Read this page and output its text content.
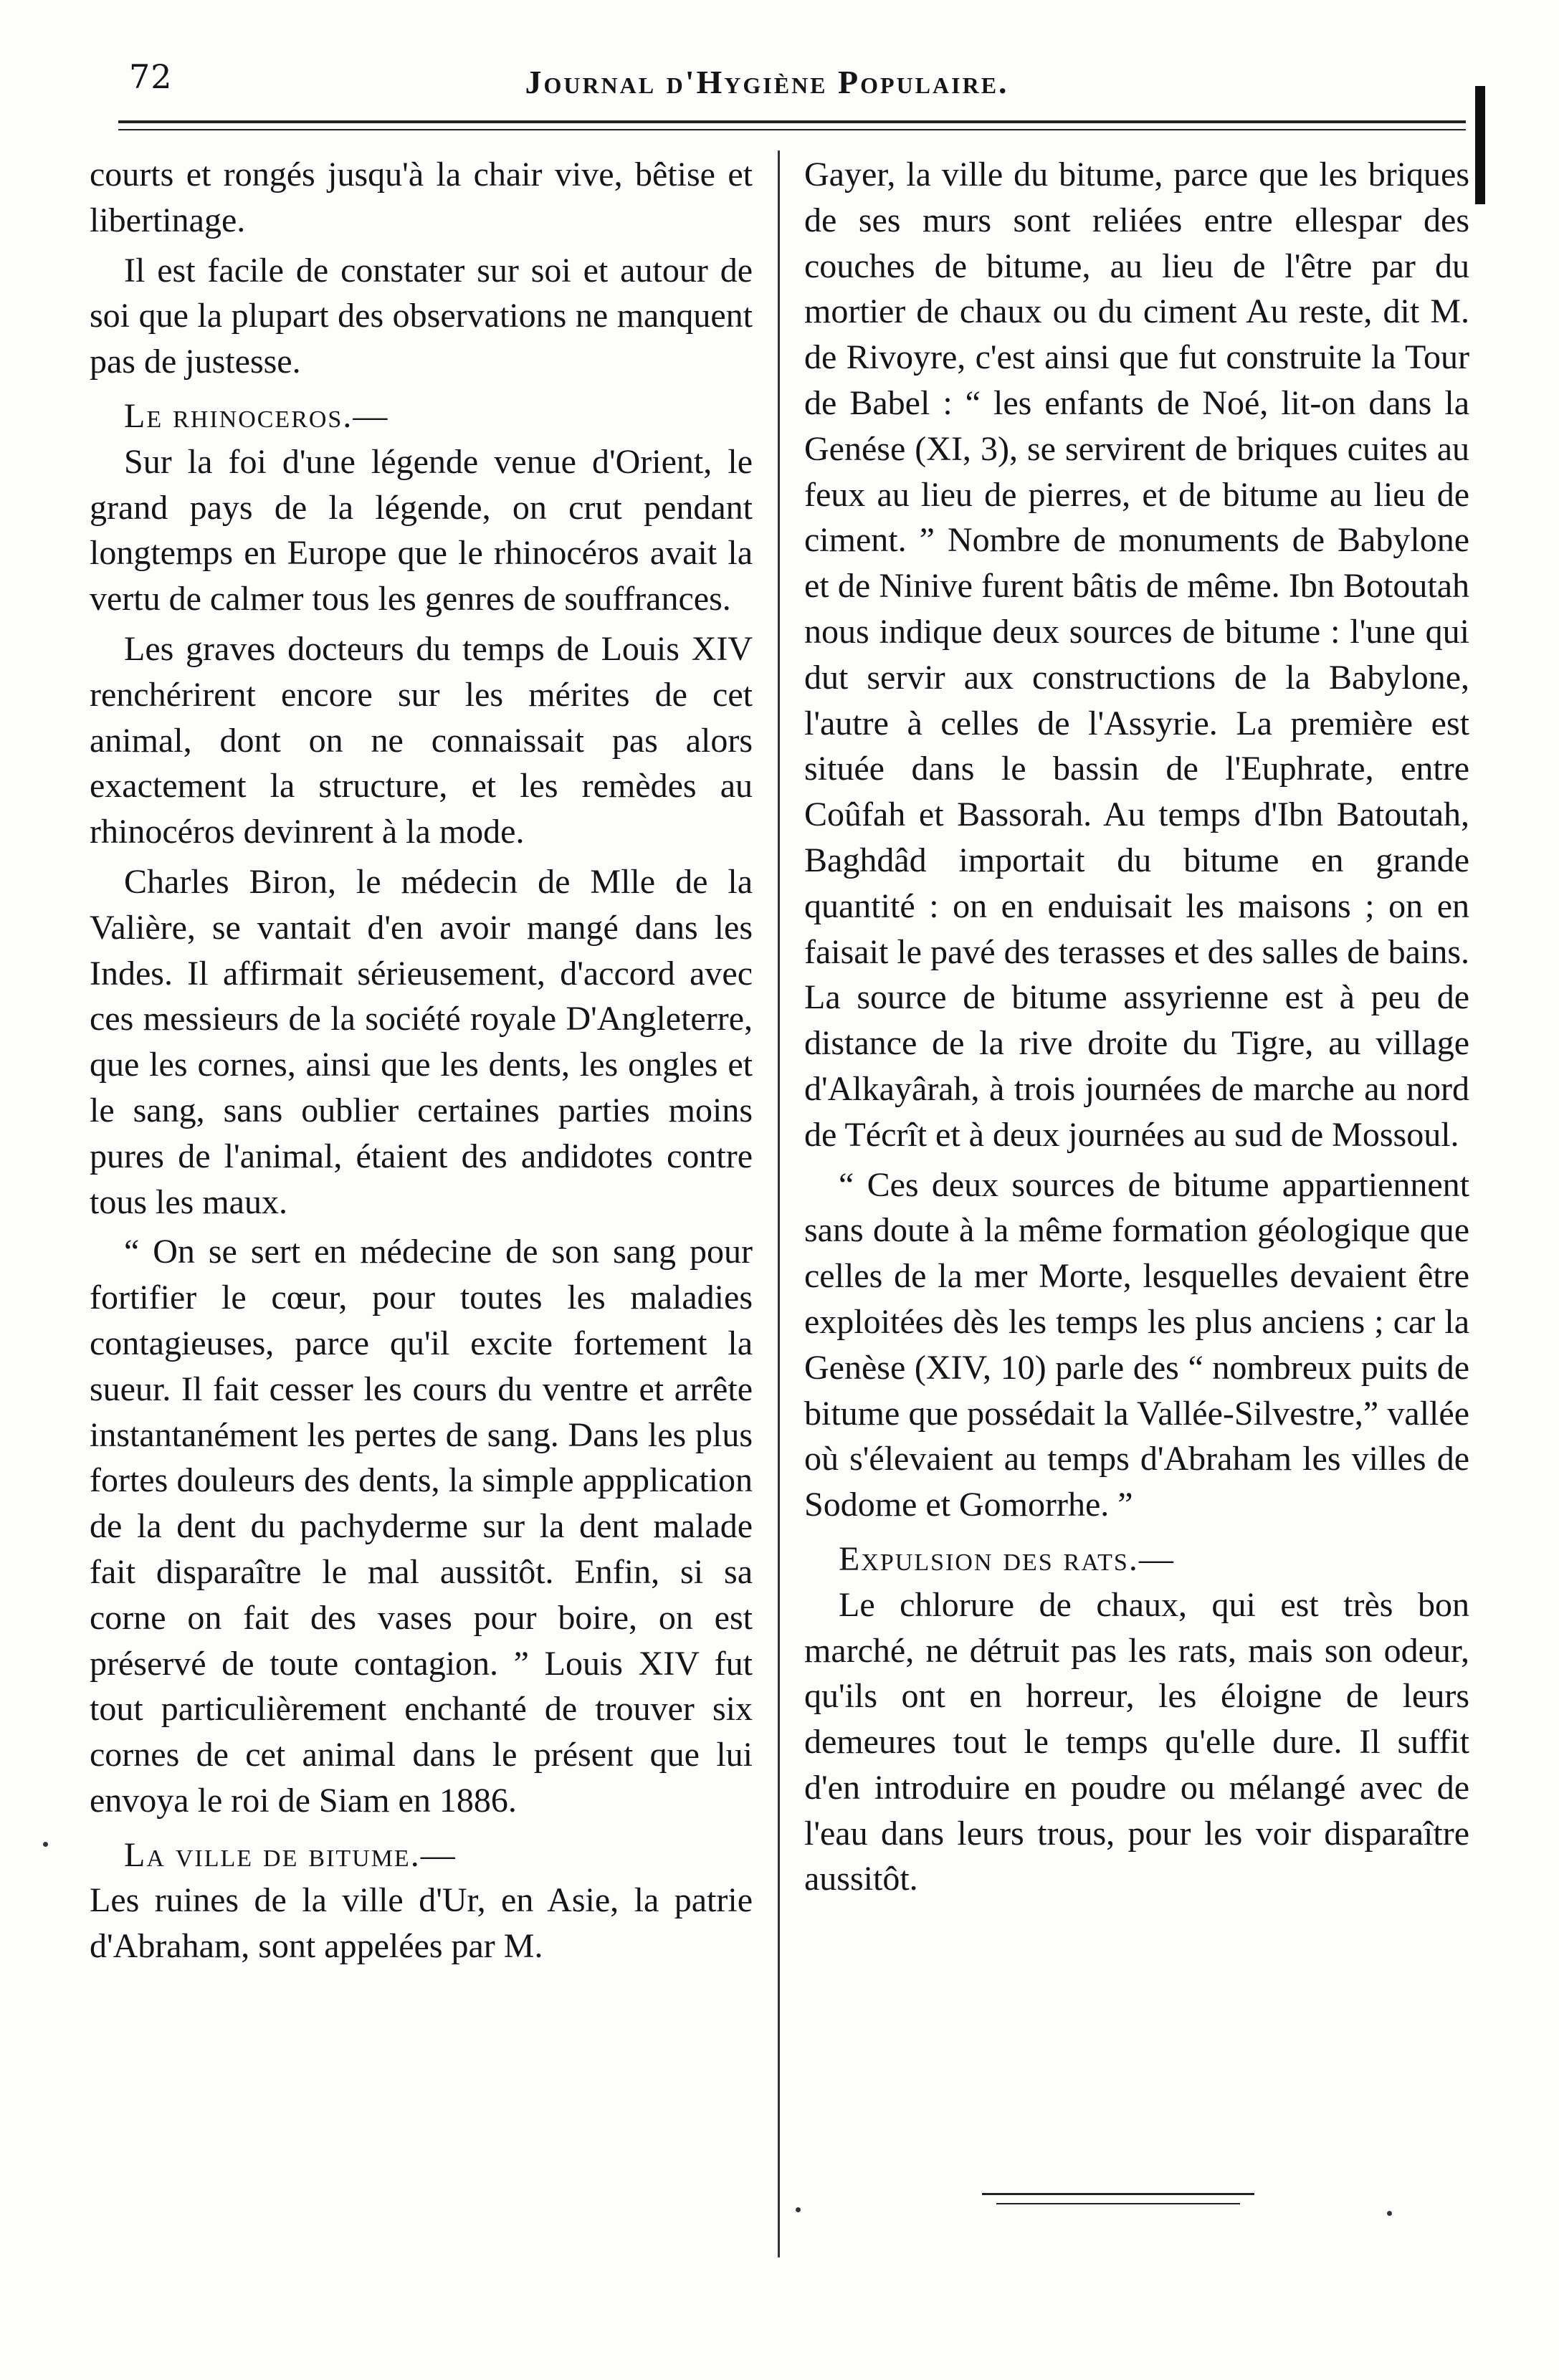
72	Journal d'Hygiène Populaire.

courts et rongés jusqu'à la chair vive, bêtise et libertinage.

Il est facile de constater sur soi et autour de soi que la plupart des observations ne manquent pas de justesse.

Le rhinoceros.—

Sur la foi d'une légende venue d'Orient, le grand pays de la légende, on crut pendant longtemps en Europe que le rhinocéros avait la vertu de calmer tous les genres de souffrances.

Les graves docteurs du temps de Louis XIV renchérirent encore sur les mérites de cet animal, dont on ne connaissait pas alors exactement la structure, et les remèdes au rhinocéros devinrent à la mode.

Charles Biron, le médecin de Mlle de la Valière, se vantait d'en avoir mangé dans les Indes. Il affirmait sérieusement, d'accord avec ces messieurs de la société royale D'Angleterre, que les cornes, ainsi que les dents, les ongles et le sang, sans oublier certaines parties moins pures de l'animal, étaient des andidotes contre tous les maux.

“ On se sert en médecine de son sang pour fortifier le cœur, pour toutes les maladies contagieuses, parce qu'il excite fortement la sueur. Il fait cesser les cours du ventre et arrête instantanément les pertes de sang. Dans les plus fortes douleurs des dents, la simple appplication de la dent du pachyderme sur la dent malade fait disparaître le mal aussitôt. Enfin, si sa corne on fait des vases pour boire, on est préservé de toute contagion. ” Louis XIV fut tout particulièrement enchanté de trouver six cornes de cet animal dans le présent que lui envoya le roi de Siam en 1886.

La ville de bitume.—

Les ruines de la ville d'Ur, en Asie, la patrie d'Abraham, sont appelées par M.

Gayer, la ville du bitume, parce que les briques de ses murs sont reliées entre ellespar des couches de bitume, au lieu de l'être par du mortier de chaux ou du ciment Au reste, dit M. de Rivoyre, c'est ainsi que fut construite la Tour de Babel : “ les enfants de Noé, lit-on dans la Genése (XI, 3), se servirent de briques cuites au feux au lieu de pierres, et de bitume au lieu de ciment. ” Nombre de monuments de Babylone et de Ninive furent bâtis de même. Ibn Botoutah nous indique deux sources de bitume : l'une qui dut servir aux constructions de la Babylone, l'autre à celles de l'Assyrie. La première est située dans le bassin de l'Euphrate, entre Coûfah et Bassorah. Au temps d'Ibn Batoutah, Baghdâd importait du bitume en grande quantité : on en enduisait les maisons ; on en faisait le pavé des terasses et des salles de bains. La source de bitume assyrienne est à peu de distance de la rive droite du Tigre, au village d'Alkayârah, à trois journées de marche au nord de Técrît et à deux journées au sud de Mossoul.

“ Ces deux sources de bitume appartiennent sans doute à la même formation géologique que celles de la mer Morte, lesquelles devaient être exploitées dès les temps les plus anciens ; car la Genèse (XIV, 10) parle des “ nombreux puits de bitume que possédait la Vallée-Silvestre,” vallée où s'élevaient au temps d'Abraham les villes de Sodome et Gomorrhe. ”

Expulsion des rats.—

Le chlorure de chaux, qui est très bon marché, ne détruit pas les rats, mais son odeur, qu'ils ont en horreur, les éloigne de leurs demeures tout le temps qu'elle dure. Il suffit d'en introduire en poudre ou mélangé avec de l'eau dans leurs trous, pour les voir disparaître aussitôt.
